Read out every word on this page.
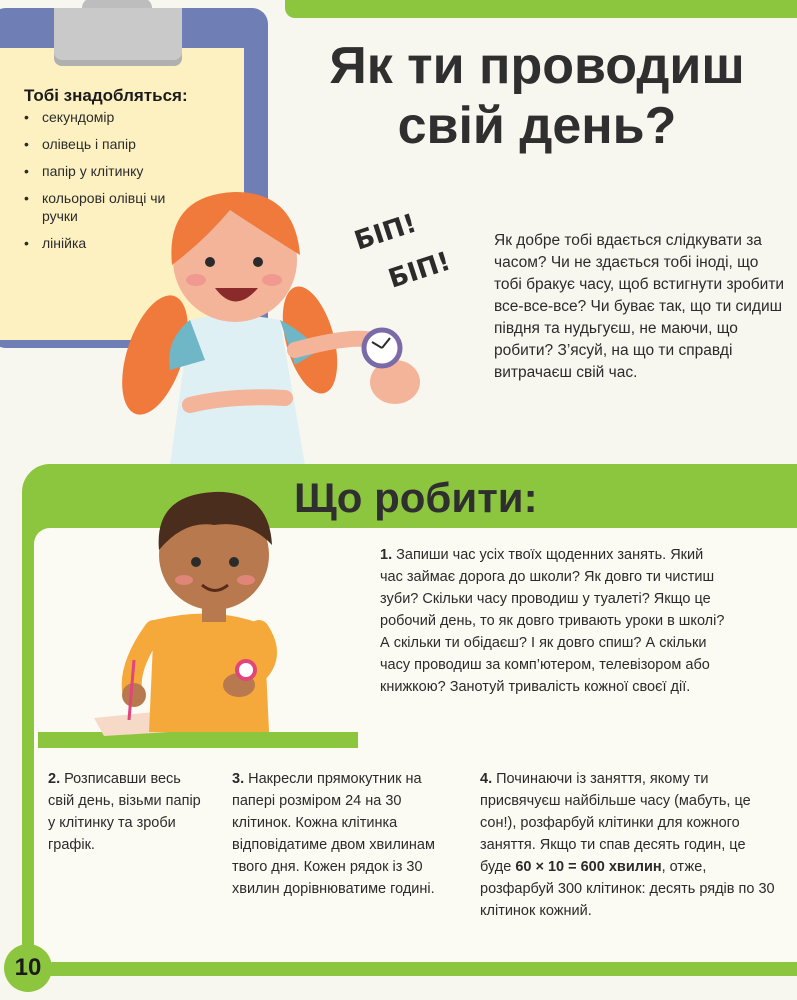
Тобі знадобляться:
• секундомір
• олівець і папір
• папір у клітинку
• кольорові олівці чи ручки
• лінійка
Як ти проводиш свій день?
БІП!
БІП!
Як добре тобі вдається слідкувати за часом? Чи не здається тобі іноді, що тобі бракує часу, щоб встигнути зробити все-все-все? Чи буває так, що ти сидиш півдня та нудьгуєш, не маючи, що робити? З’ясуй, на що ти справді витрачаєш свій час.
Що робити:
1. Запиши час усіх твоїх щоденних занять. Який час займає дорога до школи? Як довго ти чистиш зуби? Скільки часу проводиш у туалеті? Якщо це робочий день, то як довго тривають уроки в школі? А скільки ти обідаєш? І як довго спиш? А скільки часу проводиш за комп’ютером, телевізором або книжкою? Занотуй тривалість кожної своєї дії.
2. Розписавши весь свій день, візьми папір у клітинку та зроби графік.
3. Накресли прямокутник на папері розміром 24 на 30 клітинок. Кожна клітинка відповідатиме двом хвилинам твого дня. Кожен рядок із 30 хвилин дорівнюватиме годині.
4. Починаючи із заняття, якому ти присвячуєш найбільше часу (мабуть, це сон!), розфарбуй клітинки для кожного заняття. Якщо ти спав десять годин, це буде 60 × 10 = 600 хвилин, отже, розфарбуй 300 клітинок: десять рядів по 30 клітинок кожний.
10
